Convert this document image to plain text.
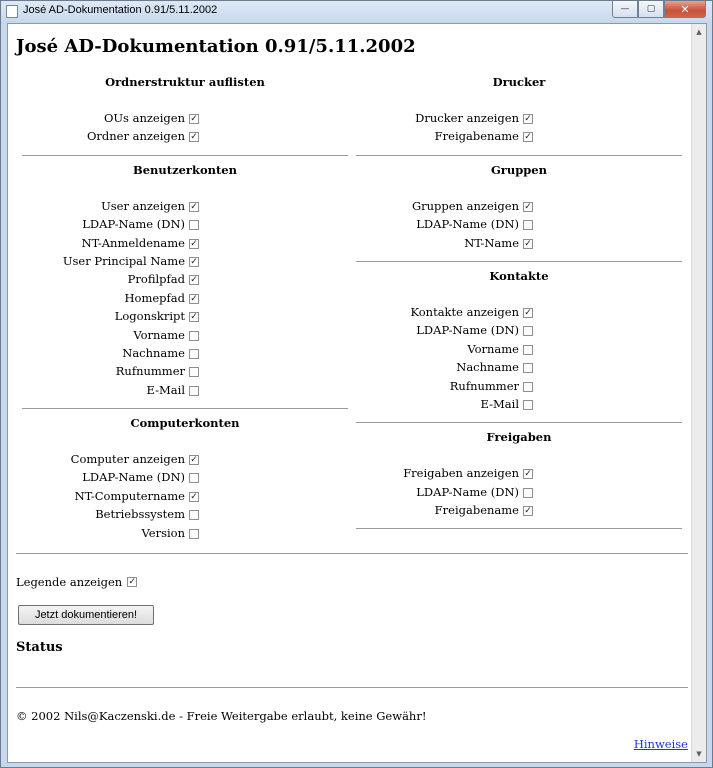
José AD-Dokumentation 0.91/5.11.2002	— ▢ ✕
José AD-Dokumentation 0.91/5.11.2002
Ordnerstruktur auflisten
OUs anzeigen ✓
Ordner anzeigen ✓
Benutzerkonten
User anzeigen ✓
LDAP-Name (DN)
NT-Anmeldename ✓
User Principal Name ✓
Profilpfad ✓
Homepfad ✓
Logonskript ✓
Vorname
Nachname
Rufnummer
E-Mail
Computerkonten
Computer anzeigen ✓
LDAP-Name (DN)
NT-Computername ✓
Betriebssystem
Version
Drucker
Drucker anzeigen ✓
Freigabename ✓
Gruppen
Gruppen anzeigen ✓
LDAP-Name (DN)
NT-Name ✓
Kontakte
Kontakte anzeigen ✓
LDAP-Name (DN)
Vorname
Nachname
Rufnummer
E-Mail
Freigaben
Freigaben anzeigen ✓
LDAP-Name (DN)
Freigabename ✓
Legende anzeigen ✓
Jetzt dokumentieren!
Status
© 2002 Nils@Kaczenski.de - Freie Weitergabe erlaubt, keine Gewähr!
Hinweise
▲
▼
